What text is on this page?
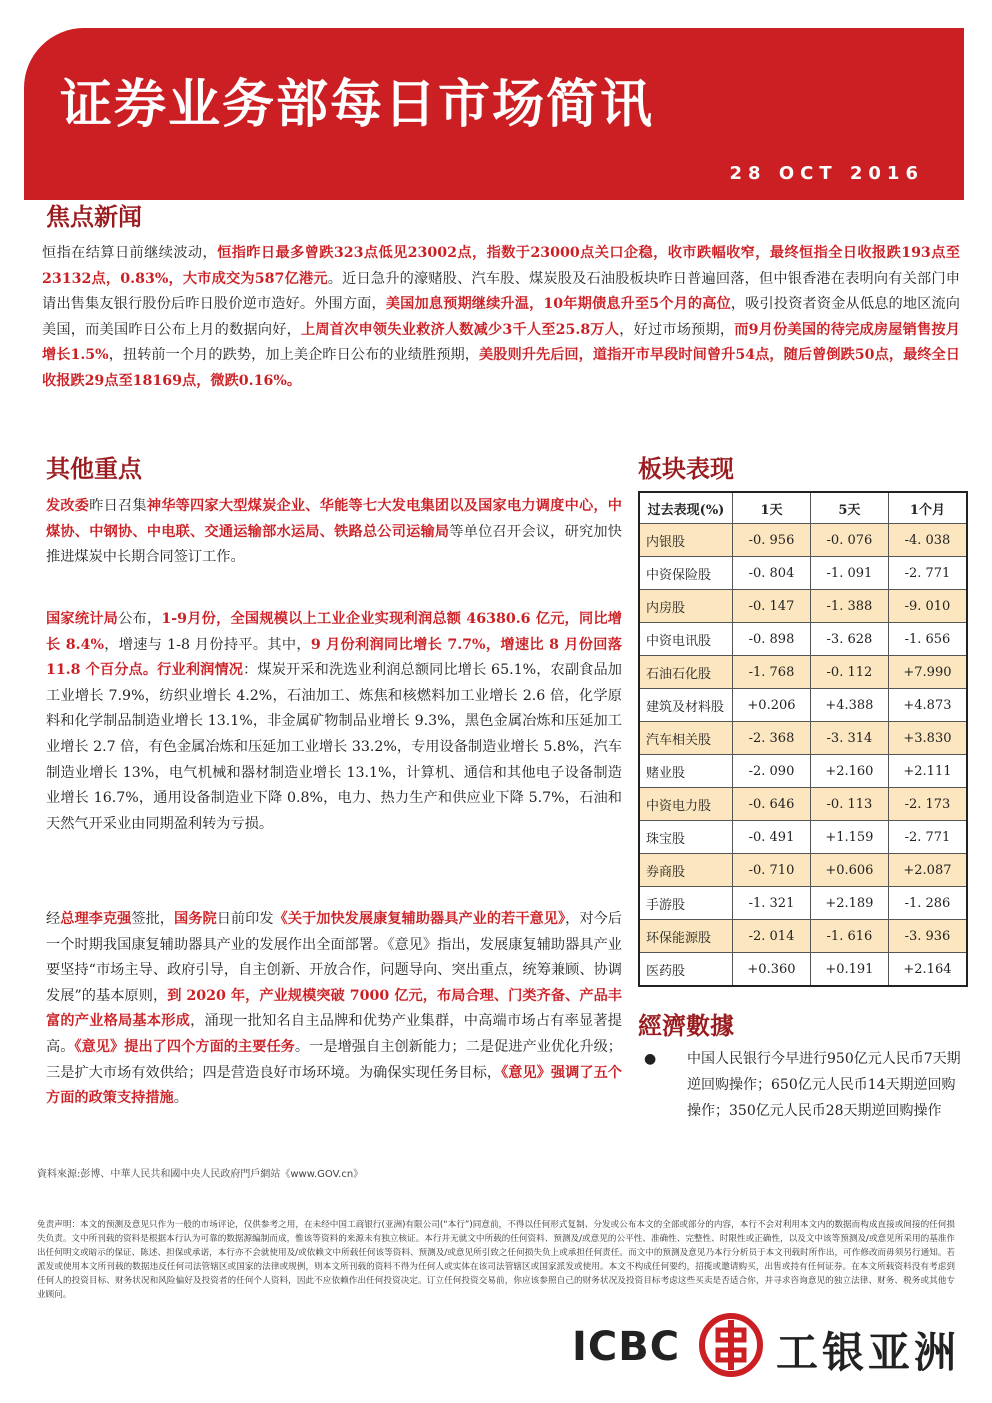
证券业务部每日市场简讯
28 OCT 2016
焦点新闻
恒指在结算日前继续波动，恒指昨日最多曾跌323点低见23002点，指数于23000点关口企稳，收市跌幅收窄，最终恒指全日收报跌193点至23132点，0.83%，大市成交为587亿港元。近日急升的濠赌股、汽车股、煤炭股及石油股板块昨日普遍回落，但中银香港在表明向有关部门申请出售集友银行股份后昨日股价逆市造好。外围方面，美国加息预期继续升温，10年期债息升至5个月的高位，吸引投资者资金从低息的地区流向美国，而美国昨日公布上月的数据向好，上周首次申领失业救济人数减少3千人至25.8万人，好过市场预期，而9月份美国的待完成房屋销售按月增长1.5%，扭转前一个月的跌势，加上美企昨日公布的业绩胜预期，美股则升先后回，道指开市早段时间曾升54点，随后曾倒跌50点，最终全日收报跌29点至18169点，微跌0.16%。
其他重点
发改委昨日召集神华等四家大型煤炭企业、华能等七大发电集团以及国家电力调度中心，中煤协、中钢协、中电联、交通运输部水运局、铁路总公司运输局等单位召开会议，研究加快推进煤炭中长期合同签订工作。
国家统计局公布，1-9月份，全国规模以上工业企业实现利润总额 46380.6 亿元，同比增长 8.4%，增速与 1-8 月份持平。其中，9 月份利润同比增长 7.7%，增速比 8 月份回落 11.8 个百分点。行业利润情况：煤炭开采和洗选业利润总额同比增长 65.1%，农副食品加工业增长 7.9%，纺织业增长 4.2%，石油加工、炼焦和核燃料加工业增长 2.6 倍，化学原料和化学制品制造业增长 13.1%，非金属矿物制品业增长 9.3%，黑色金属冶炼和压延加工业增长 2.7 倍，有色金属冶炼和压延加工业增长 33.2%，专用设备制造业增长 5.8%，汽车制造业增长 13%，电气机械和器材制造业增长 13.1%，计算机、通信和其他电子设备制造业增长 16.7%，通用设备制造业下降 0.8%，电力、热力生产和供应业下降 5.7%，石油和天然气开采业由同期盈利转为亏损。
经总理李克强签批，国务院日前印发《关于加快发展康复辅助器具产业的若干意见》，对今后一个时期我国康复辅助器具产业的发展作出全面部署。《意见》指出，发展康复辅助器具产业要坚持“市场主导、政府引导，自主创新、开放合作，问题导向、突出重点，统筹兼顾、协调发展”的基本原则，到 2020 年，产业规模突破 7000 亿元，布局合理、门类齐备、产品丰富的产业格局基本形成，涌现一批知名自主品牌和优势产业集群，中高端市场占有率显著提高。《意见》提出了四个方面的主要任务。一是增强自主创新能力；二是促进产业优化升级；三是扩大市场有效供给；四是营造良好市场环境。为确保实现任务目标，《意见》强调了五个方面的政策支持措施。
板块表现
过去表现(%)	1天	5天	1个月
内银股	-0. 956	-0. 076	-4. 038
中资保险股	-0. 804	-1. 091	-2. 771
内房股	-0. 147	-1. 388	-9. 010
中资电讯股	-0. 898	-3. 628	-1. 656
石油石化股	-1. 768	-0. 112	+7.990
建筑及材料股	+0.206	+4.388	+4.873
汽车相关股	-2. 368	-3. 314	+3.830
赌业股	-2. 090	+2.160	+2.111
中资电力股	-0. 646	-0. 113	-2. 173
珠宝股	-0. 491	+1.159	-2. 771
券商股	-0. 710	+0.606	+2.087
手游股	-1. 321	+2.189	-1. 286
环保能源股	-2. 014	-1. 616	-3. 936
医药股	+0.360	+0.191	+2.164
經濟數據
● 中国人民银行今早进行950亿元人民币7天期逆回购操作；650亿元人民币14天期逆回购操作；350亿元人民币28天期逆回购操作
資料來源:彭博、中華人民共和國中央人民政府門戶網站《www.GOV.cn》
免责声明：本文的预测及意见只作为一般的市场评论，仅供参考之用，在未经中国工商银行(亚洲)有限公司(“本行”)同意前，不得以任何形式复制、分发或公布本文的全部或部分的内容，本行不会对利用本文内的数据而构成直接或间接的任何损失负责。文中所刊载的资料是根据本行认为可靠的数据源编制而成，惟该等资料的来源未有独立核证。本行并无就文中所载的任何资料、预测及/或意见的公平性、准确性、完整性、时限性或正确性，以及文中该等预测及/或意见所采用的基准作出任何明文或暗示的保证、陈述、担保或承诺，本行亦不会就使用及/或依赖文中所载任何该等资料、预测及/或意见所引致之任何损失负上或承担任何责任。而文中的预测及意见乃本行分析员于本文刊载时所作出，可作修改而毋须另行通知。若派发或使用本文所刊载的数据违反任何司法管辖区或国家的法律或规例，则本文所刊载的资料不得为任何人或实体在该司法管辖区或国家派发或使用。本文不构成任何要约，招揽或邀请购买，出售或持有任何证券。在本文所载资料没有考虑到任何人的投资目标、财务状况和风险偏好及投资者的任何个人资料，因此不应依赖作出任何投资决定。订立任何投资交易前，你应该参照自己的财务状况及投资目标考虑这些买卖是否适合你，并寻求咨询意见的独立法律、财务、税务或其他专业顾问。
ICBC 工银亚洲
